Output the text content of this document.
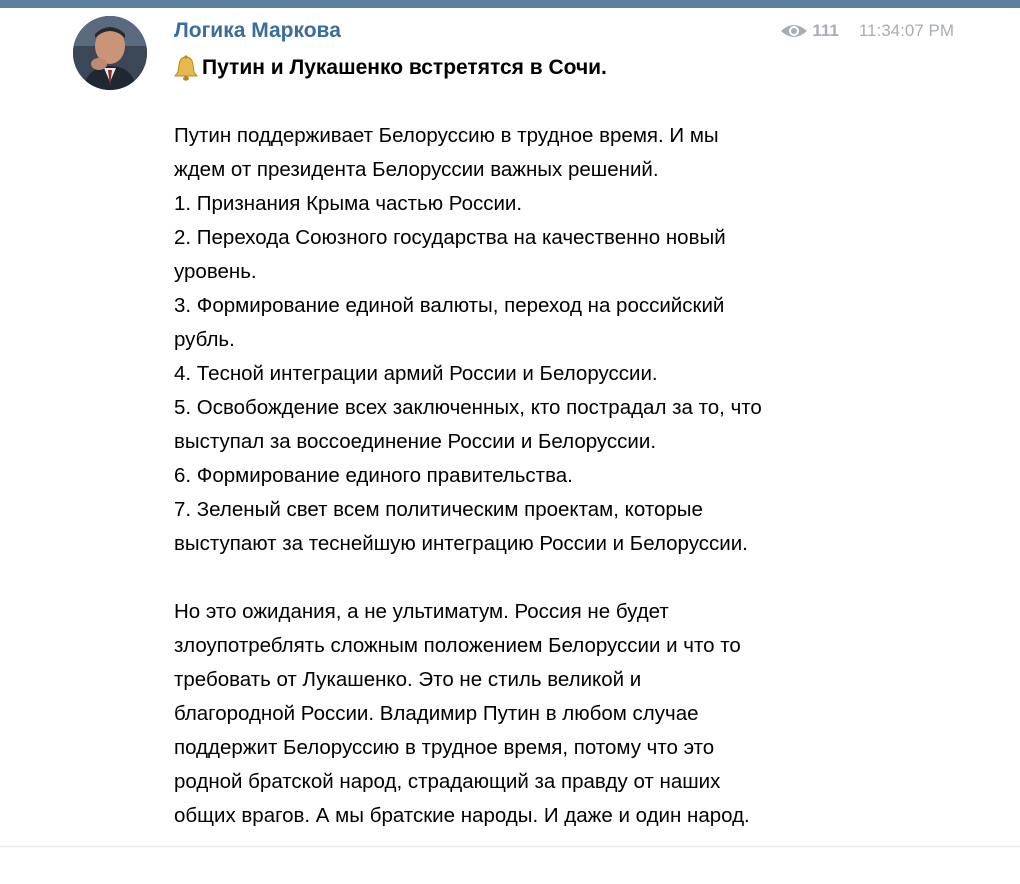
Логика Маркова	111 11:34:07 PM
Путин и Лукашенко встретятся в Сочи.
Путин поддерживает Белоруссию в трудное время. И мы
ждем от президента Белоруссии важных решений.
1. Признания Крыма частью России.
2. Перехода Союзного государства на качественно новый
уровень.
3. Формирование единой валюты, переход на российский
рубль.
4. Тесной интеграции армий России и Белоруссии.
5. Освобождение всех заключенных, кто пострадал за то, что
выступал за воссоединение России и Белоруссии.
6. Формирование единого правительства.
7. Зеленый свет всем политическим проектам, которые
выступают за теснейшую интеграцию России и Белоруссии.
Но это ожидания, а не ультиматум. Россия не будет
злоупотреблять сложным положением Белоруссии и что то
требовать от Лукашенко. Это не стиль великой и
благородной России. Владимир Путин в любом случае
поддержит Белоруссию в трудное время, потому что это
родной братской народ, страдающий за правду от наших
общих врагов. А мы братские народы. И даже и один народ.
